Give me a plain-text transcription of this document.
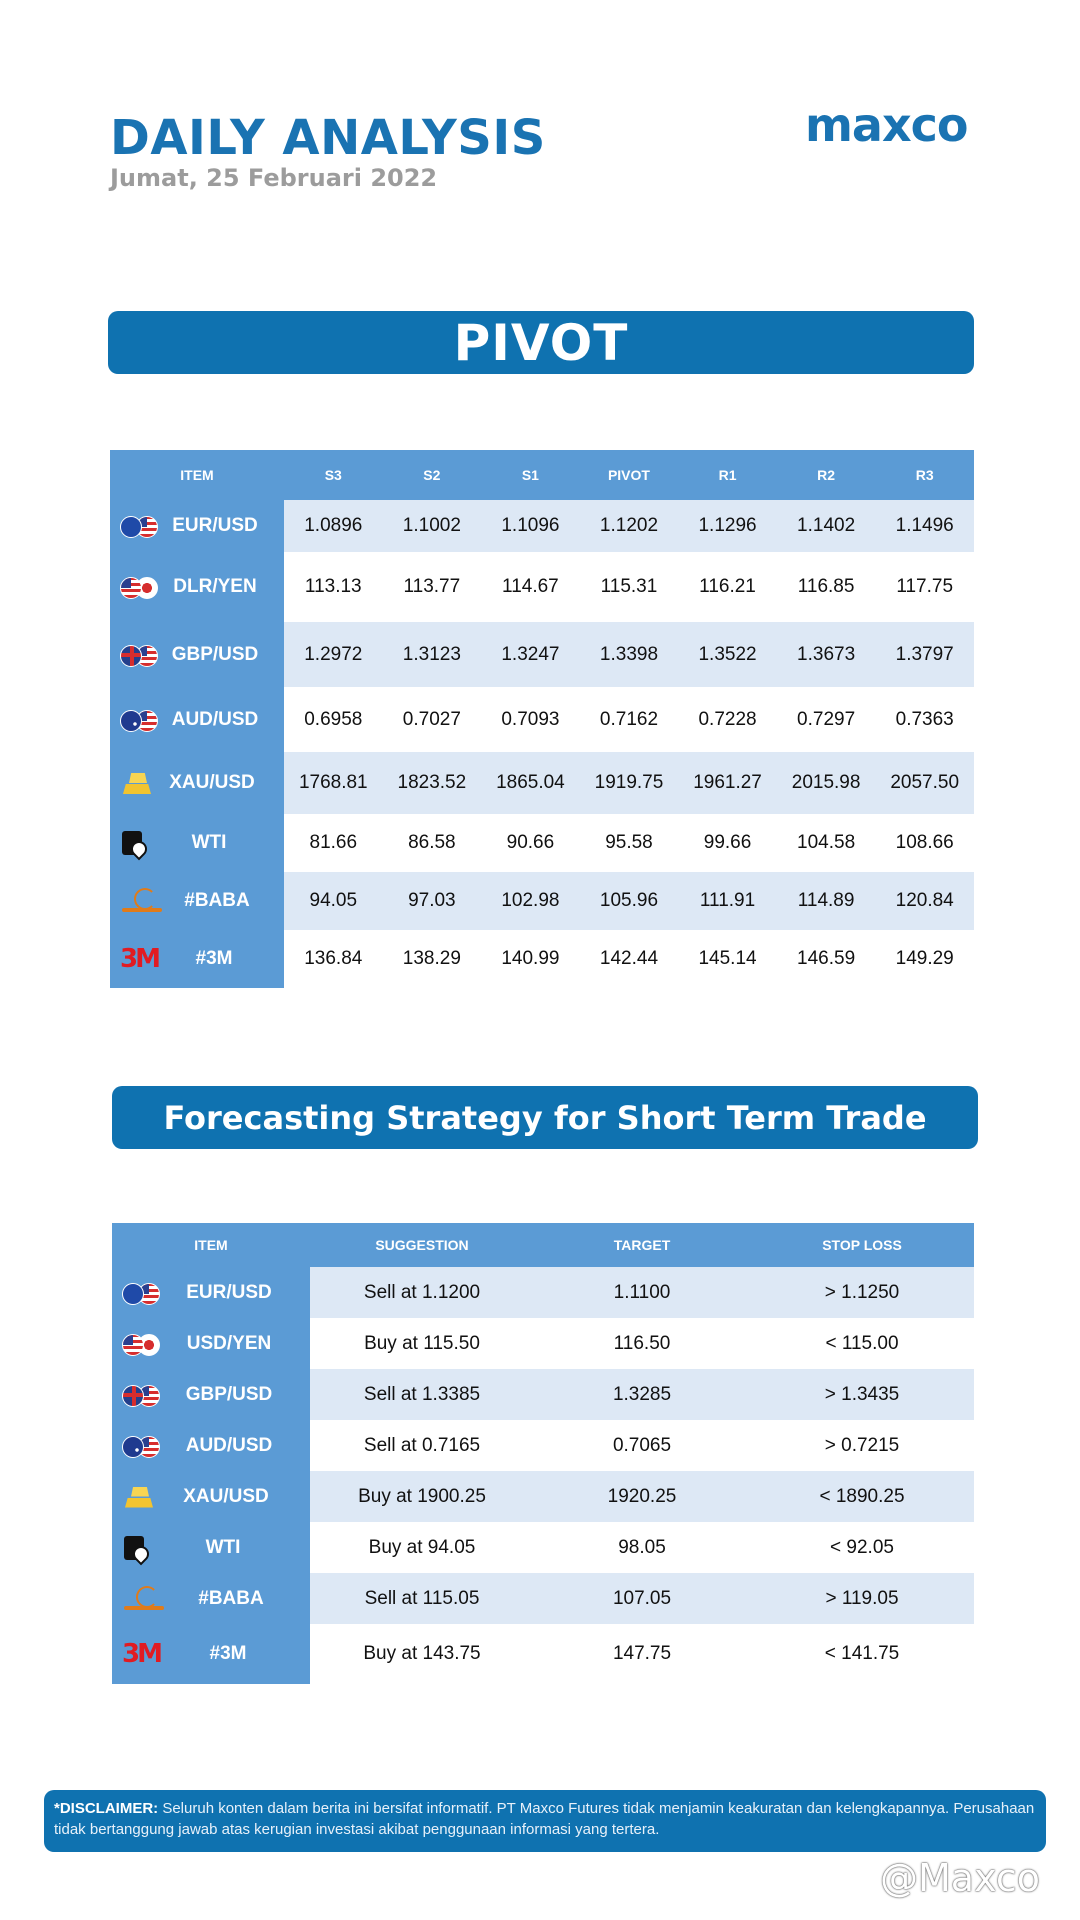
DAILY ANALYSIS
Jumat, 25 Februari 2022
maxco
PIVOT
ITEM	S3	S2	S1	PIVOT	R1	R2	R3

EUR/USD	1.0896	1.1002	1.1096	1.1202	1.1296	1.1402	1.1496

DLR/YEN	113.13	113.77	114.67	115.31	116.21	116.85	117.75

GBP/USD	1.2972	1.3123	1.3247	1.3398	1.3522	1.3673	1.3797

AUD/USD	0.6958	0.7027	0.7093	0.7162	0.7228	0.7297	0.7363

XAU/USD	1768.81	1823.52	1865.04	1919.75	1961.27	2015.98	2057.50

WTI	81.66	86.58	90.66	95.58	99.66	104.58	108.66

#BABA	94.05	97.03	102.98	105.96	111.91	114.89	120.84

3M #3M	136.84	138.29	140.99	142.44	145.14	146.59	149.29
Forecasting Strategy for Short Term Trade
ITEM	SUGGESTION	TARGET	STOP LOSS

EUR/USD	Sell at 1.1200	1.1100	> 1.1250

USD/YEN	Buy at 115.50	116.50	< 115.00

GBP/USD	Sell at 1.3385	1.3285	> 1.3435

AUD/USD	Sell at 0.7165	0.7065	> 0.7215

XAU/USD	Buy at 1900.25	1920.25	< 1890.25

WTI	Buy at 94.05	98.05	< 92.05

#BABA	Sell at 115.05	107.05	> 119.05

3M #3M	Buy at 143.75	147.75	< 141.75
*DISCLAIMER: Seluruh konten dalam berita ini bersifat informatif. PT Maxco Futures tidak menjamin keakuratan dan kelengkapannya. Perusahaan tidak bertanggung jawab atas kerugian investasi akibat penggunaan informasi yang tertera.
@Maxco
